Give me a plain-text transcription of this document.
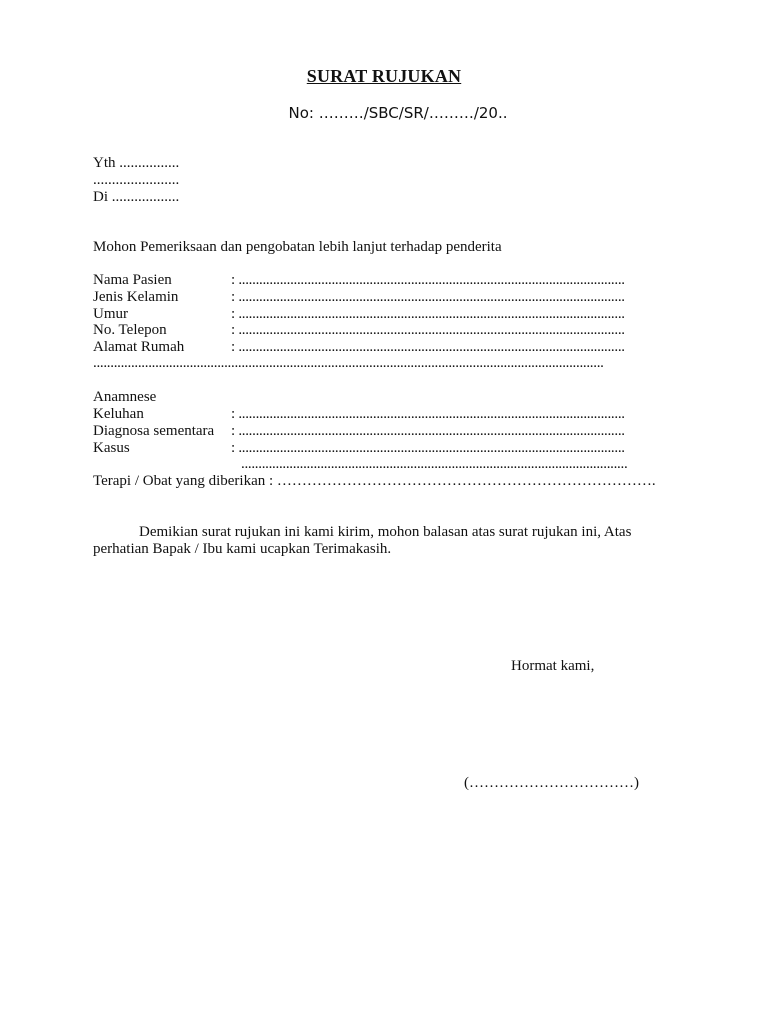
SURAT RUJUKAN
No: ………/SBC/SR/………/20..
Yth ................
.......................
Di ..................
Mohon Pemeriksaan dan pengobatan lebih lanjut terhadap penderita
Nama Pasien	: ................................................................................................................
Jenis Kelamin	: ................................................................................................................
Umur	: ................................................................................................................
No. Telepon	: ................................................................................................................
Alamat Rumah	: ................................................................................................................
....................................................................................................................................................
Anamnese
Keluhan	: ................................................................................................................
Diagnosa sementara : ................................................................................................................
Kasus	: ................................................................................................................
................................................................................................................
Terapi / Obat yang diberikan : ………………………………………………………………….
Demikian surat rujukan ini kami kirim, mohon balasan atas surat rujukan ini, Atas
perhatian Bapak / Ibu kami ucapkan Terimakasih.
Hormat kami,
(……………………………)
